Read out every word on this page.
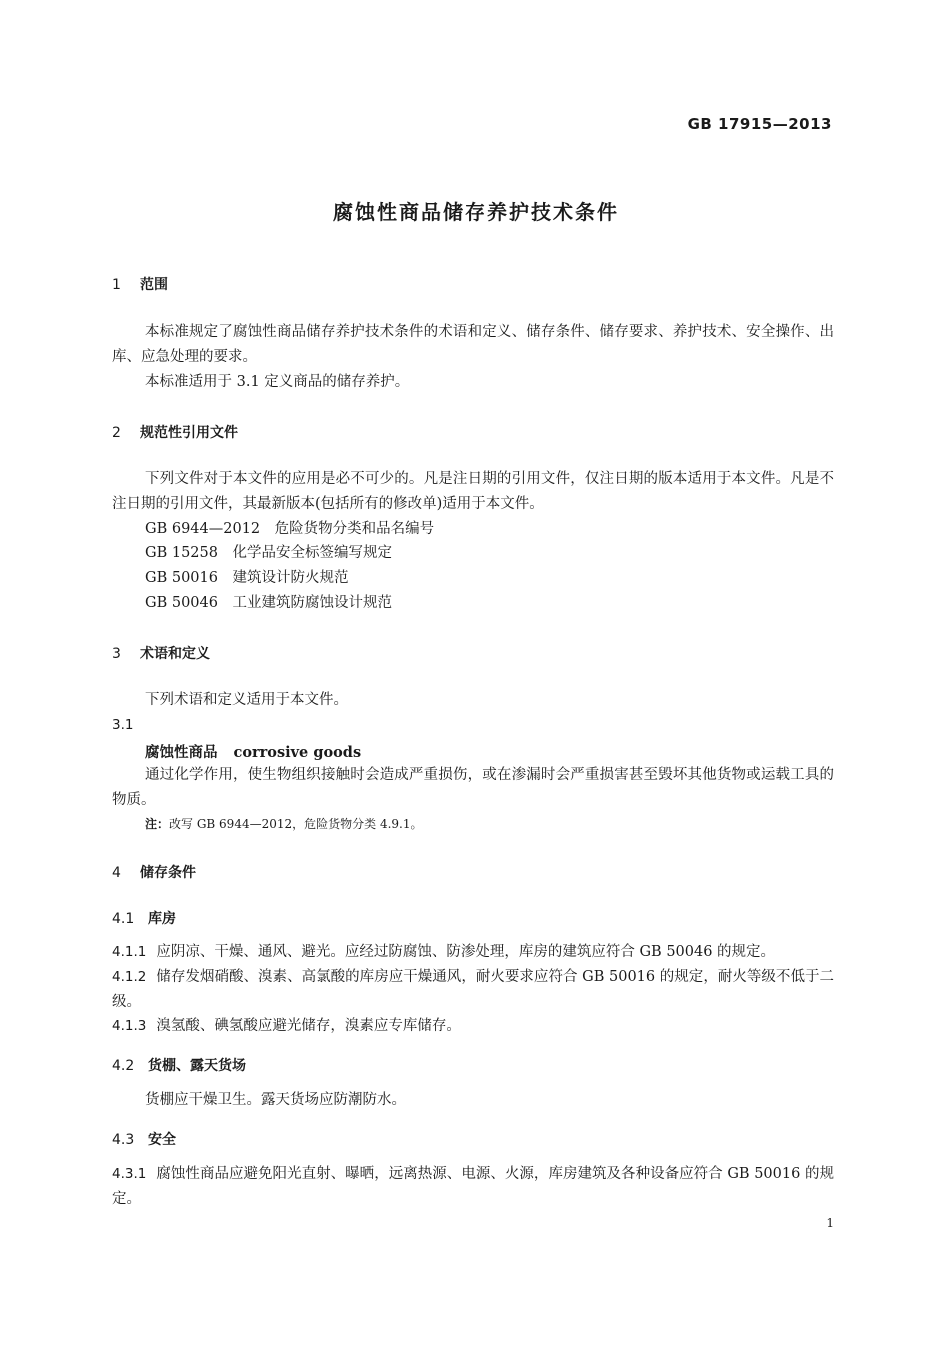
GB 17915—2013
腐蚀性商品储存养护技术条件
1 范围
本标准规定了腐蚀性商品储存养护技术条件的术语和定义、储存条件、储存要求、养护技术、安全操作、出库、应急处理的要求。
本标准适用于 3.1 定义商品的储存养护。
2 规范性引用文件
下列文件对于本文件的应用是必不可少的。凡是注日期的引用文件，仅注日期的版本适用于本文件。凡是不注日期的引用文件，其最新版本(包括所有的修改单)适用于本文件。
GB 6944—2012　危险货物分类和品名编号
GB 15258　化学品安全标签编写规定
GB 50016　建筑设计防火规范
GB 50046　工业建筑防腐蚀设计规范
3 术语和定义
下列术语和定义适用于本文件。
3.1
腐蚀性商品 corrosive goods
通过化学作用，使生物组织接触时会造成严重损伤，或在渗漏时会严重损害甚至毁坏其他货物或运载工具的物质。
注：改写 GB 6944—2012，危险货物分类 4.9.1。
4 储存条件
4.1 库房
4.1.1 应阴凉、干燥、通风、避光。应经过防腐蚀、防渗处理，库房的建筑应符合 GB 50046 的规定。
4.1.2 储存发烟硝酸、溴素、高氯酸的库房应干燥通风，耐火要求应符合 GB 50016 的规定，耐火等级不低于二级。
4.1.3 溴氢酸、碘氢酸应避光储存，溴素应专库储存。
4.2 货棚、露天货场
货棚应干燥卫生。露天货场应防潮防水。
4.3 安全
4.3.1 腐蚀性商品应避免阳光直射、曝晒，远离热源、电源、火源，库房建筑及各种设备应符合 GB 50016 的规定。
1
